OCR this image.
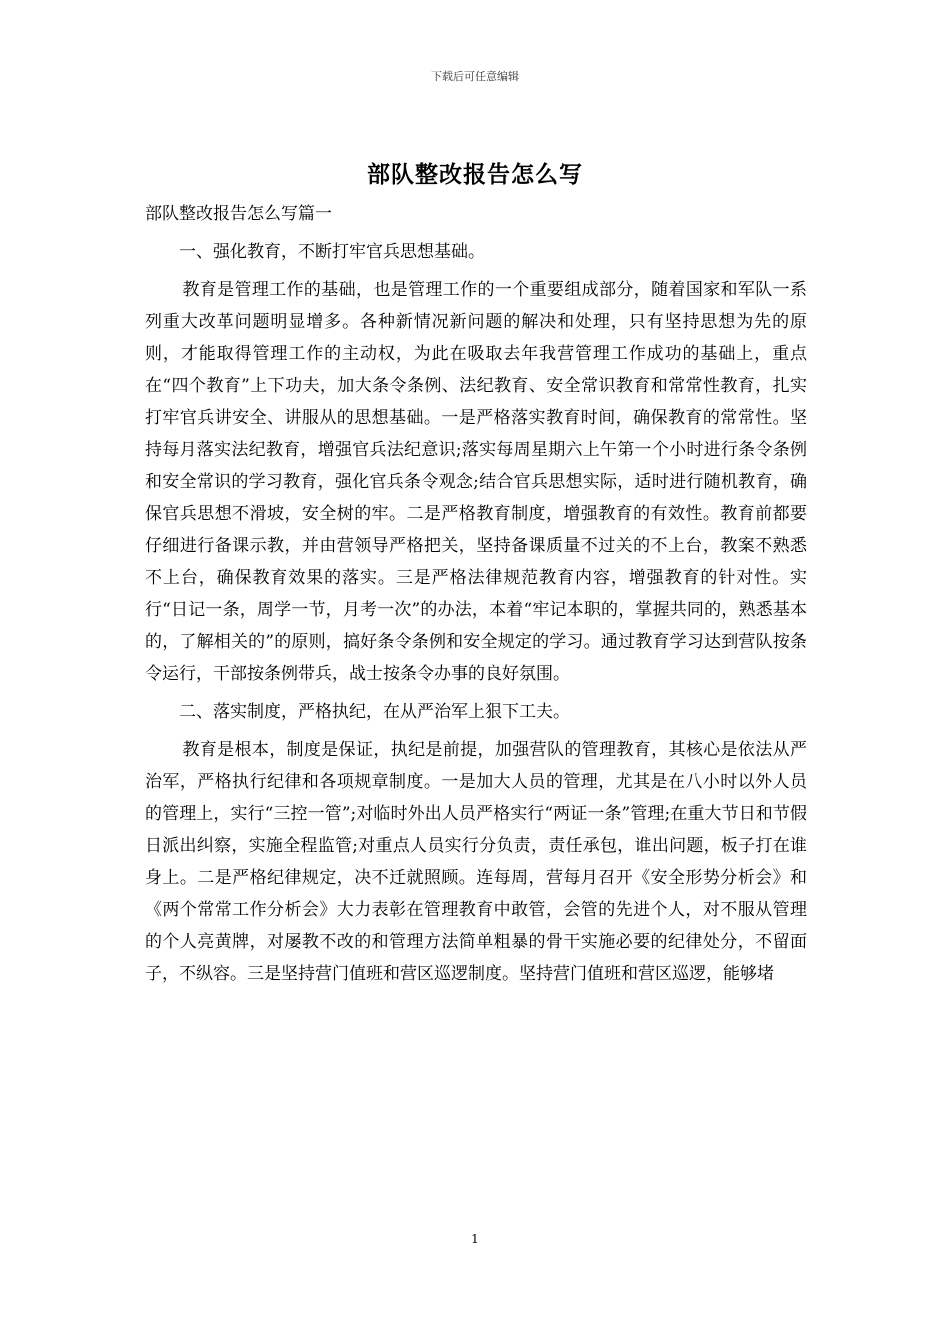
下载后可任意编辑
部队整改报告怎么写

部队整改报告怎么写篇一

一、强化教育，不断打牢官兵思想基础。

教育是管理工作的基础，也是管理工作的一个重要组成部分，随着国家和军队一系列重大改革问题明显增多。各种新情况新问题的解决和处理，只有坚持思想为先的原则，才能取得管理工作的主动权，为此在吸取去年我营管理工作成功的基础上，重点在“四个教育”上下功夫，加大条令条例、法纪教育、安全常识教育和常常性教育，扎实打牢官兵讲安全、讲服从的思想基础。一是严格落实教育时间，确保教育的常常性。坚持每月落实法纪教育，增强官兵法纪意识;落实每周星期六上午第一个小时进行条令条例和安全常识的学习教育，强化官兵条令观念;结合官兵思想实际，适时进行随机教育，确保官兵思想不滑坡，安全树的牢。二是严格教育制度，增强教育的有效性。教育前都要仔细进行备课示教，并由营领导严格把关，坚持备课质量不过关的不上台，教案不熟悉不上台，确保教育效果的落实。三是严格法律规范教育内容，增强教育的针对性。实行“日记一条，周学一节，月考一次”的办法，本着“牢记本职的，掌握共同的，熟悉基本的，了解相关的”的原则，搞好条令条例和安全规定的学习。通过教育学习达到营队按条令运行，干部按条例带兵，战士按条令办事的良好氛围。

二、落实制度，严格执纪，在从严治军上狠下工夫。

教育是根本，制度是保证，执纪是前提，加强营队的管理教育，其核心是依法从严治军，严格执行纪律和各项规章制度。一是加大人员的管理，尤其是在八小时以外人员的管理上，实行“三控一管”;对临时外出人员严格实行“两证一条”管理;在重大节日和节假日派出纠察，实施全程监管;对重点人员实行分负责，责任承包，谁出问题，板子打在谁身上。二是严格纪律规定，决不迁就照顾。连每周，营每月召开《安全形势分析会》和《两个常常工作分析会》大力表彰在管理教育中敢管，会管的先进个人，对不服从管理的个人亮黄牌，对屡教不改的和管理方法简单粗暴的骨干实施必要的纪律处分，不留面子，不纵容。三是坚持营门值班和营区巡逻制度。坚持营门值班和营区巡逻，能够堵

1
